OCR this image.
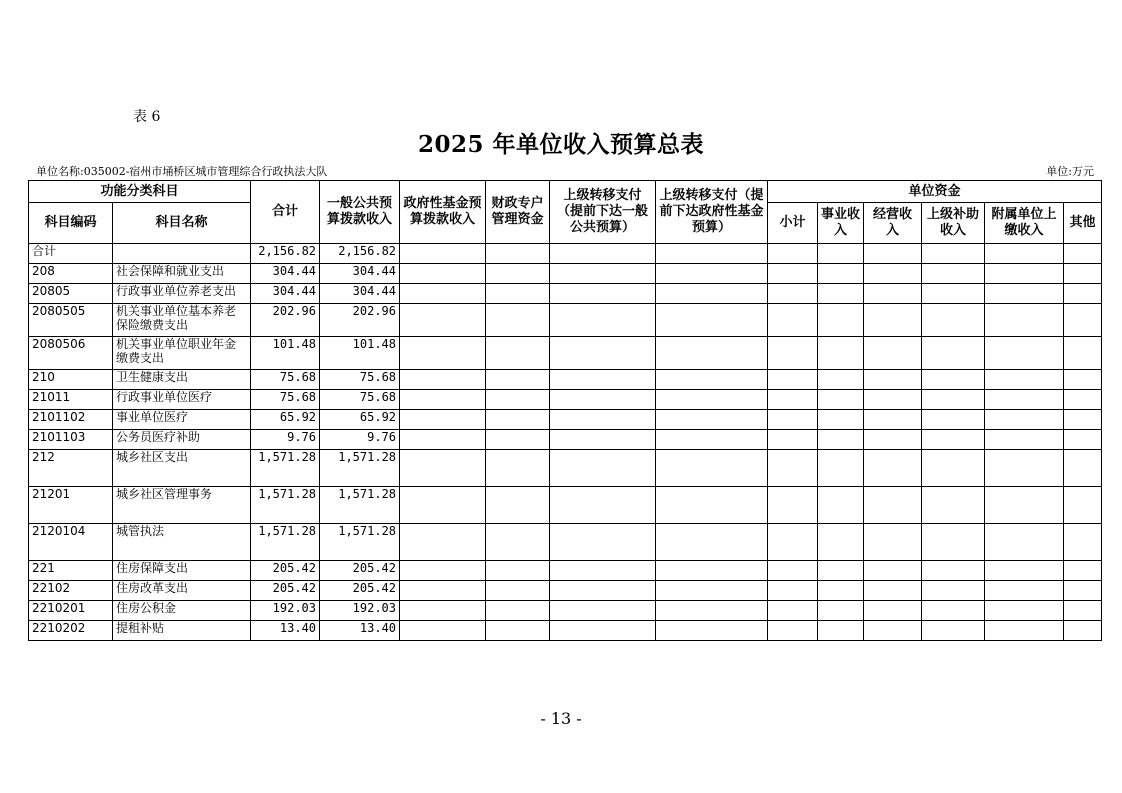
表 6
2025 年单位收入预算总表
单位名称:035002-宿州市埇桥区城市管理综合行政执法大队	单位:万元
功能分类科目		合计	一般公共预算拨款收入	政府性基金预算拨款收入	财政专户管理资金	上级转移支付（提前下达一般公共预算）	上级转移支付（提前下达政府性基金预算）	单位资金					
科目编码	科目名称							小计	事业收入	经营收入	上级补助收入	附属单位上缴收入	其他
合计		2,156.82	2,156.82										
208	社会保障和就业支出	304.44	304.44										
20805	行政事业单位养老支出	304.44	304.44										
2080505	机关事业单位基本养老保险缴费支出	202.96	202.96										
2080506	机关事业单位职业年金缴费支出	101.48	101.48										
210	卫生健康支出	75.68	75.68										
21011	行政事业单位医疗	75.68	75.68										
2101102	事业单位医疗	65.92	65.92										
2101103	公务员医疗补助	9.76	9.76										
212	城乡社区支出	1,571.28	1,571.28										
21201	城乡社区管理事务	1,571.28	1,571.28										
2120104	城管执法	1,571.28	1,571.28										
221	住房保障支出	205.42	205.42										
22102	住房改革支出	205.42	205.42										
2210201	住房公积金	192.03	192.03										
2210202	提租补贴	13.40	13.40										
- 13 -
